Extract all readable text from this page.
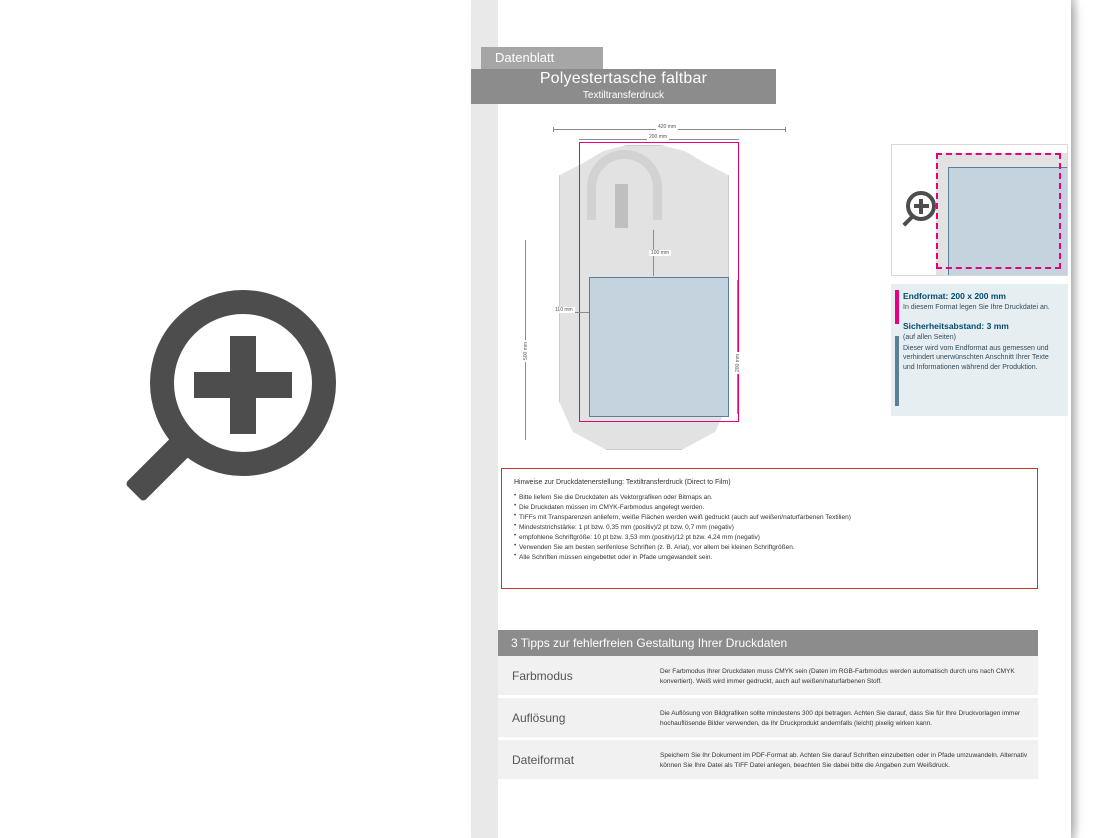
Datenblatt
Polyestertasche faltbar
Textiltransferdruck
420 mm
200 mm
500 mm
200 mm
100 mm
110 mm
Endformat: 200 x 200 mm
In diesem Format legen Sie Ihre Druckdatei an.
Sicherheitsabstand: 3 mm
(auf allen Seiten)
Dieser wird vom Endformat aus gemessen und verhindert unerwünschten Anschnitt Ihrer Texte und Informationen während der Produktion.
Hinweise zur Druckdatenerstellung: Textiltransferdruck (Direct to Film)
• Bitte liefern Sie die Druckdaten als Vektorgrafiken oder Bitmaps an.
• Die Druckdaten müssen im CMYK-Farbmodus angelegt werden.
• TIFFs mit Transparenzen anliefern, weiße Flächen werden weiß gedruckt (auch auf weißen/naturfarbenen Textilien)
• Mindeststrichstärke: 1 pt bzw. 0,35 mm (positiv)/2 pt bzw. 0,7 mm (negativ)
• empfohlene Schriftgröße: 10 pt bzw. 3,53 mm (positiv)/12 pt bzw. 4,24 mm (negativ)
• Verwenden Sie am besten serifenlose Schriften (z. B. Arial), vor allem bei kleinen Schriftgrößen.
• Alle Schriften müssen eingebettet oder in Pfade umgewandelt sein.
3 Tipps zur fehlerfreien Gestaltung Ihrer Druckdaten
Farbmodus	Der Farbmodus Ihrer Druckdaten muss CMYK sein (Daten im RGB-Farbmodus werden automatisch durch uns nach CMYK konvertiert). Weiß wird immer gedruckt, auch auf weißen/naturfarbenen Stoff.
Auflösung	Die Auflösung von Bildgrafiken sollte mindestens 300 dpi betragen. Achten Sie darauf, dass Sie für Ihre Druckvorlagen immer hochauflösende Bilder verwenden, da Ihr Druckprodukt andernfalls (leicht) pixelig wirken kann.
Dateiformat	Speichern Sie Ihr Dokument im PDF-Format ab. Achten Sie darauf Schriften einzubetten oder in Pfade umzuwandeln. Alternativ können Sie Ihre Datei als TIFF Datei anlegen, beachten Sie dabei bitte die Angaben zum Weißdruck.
